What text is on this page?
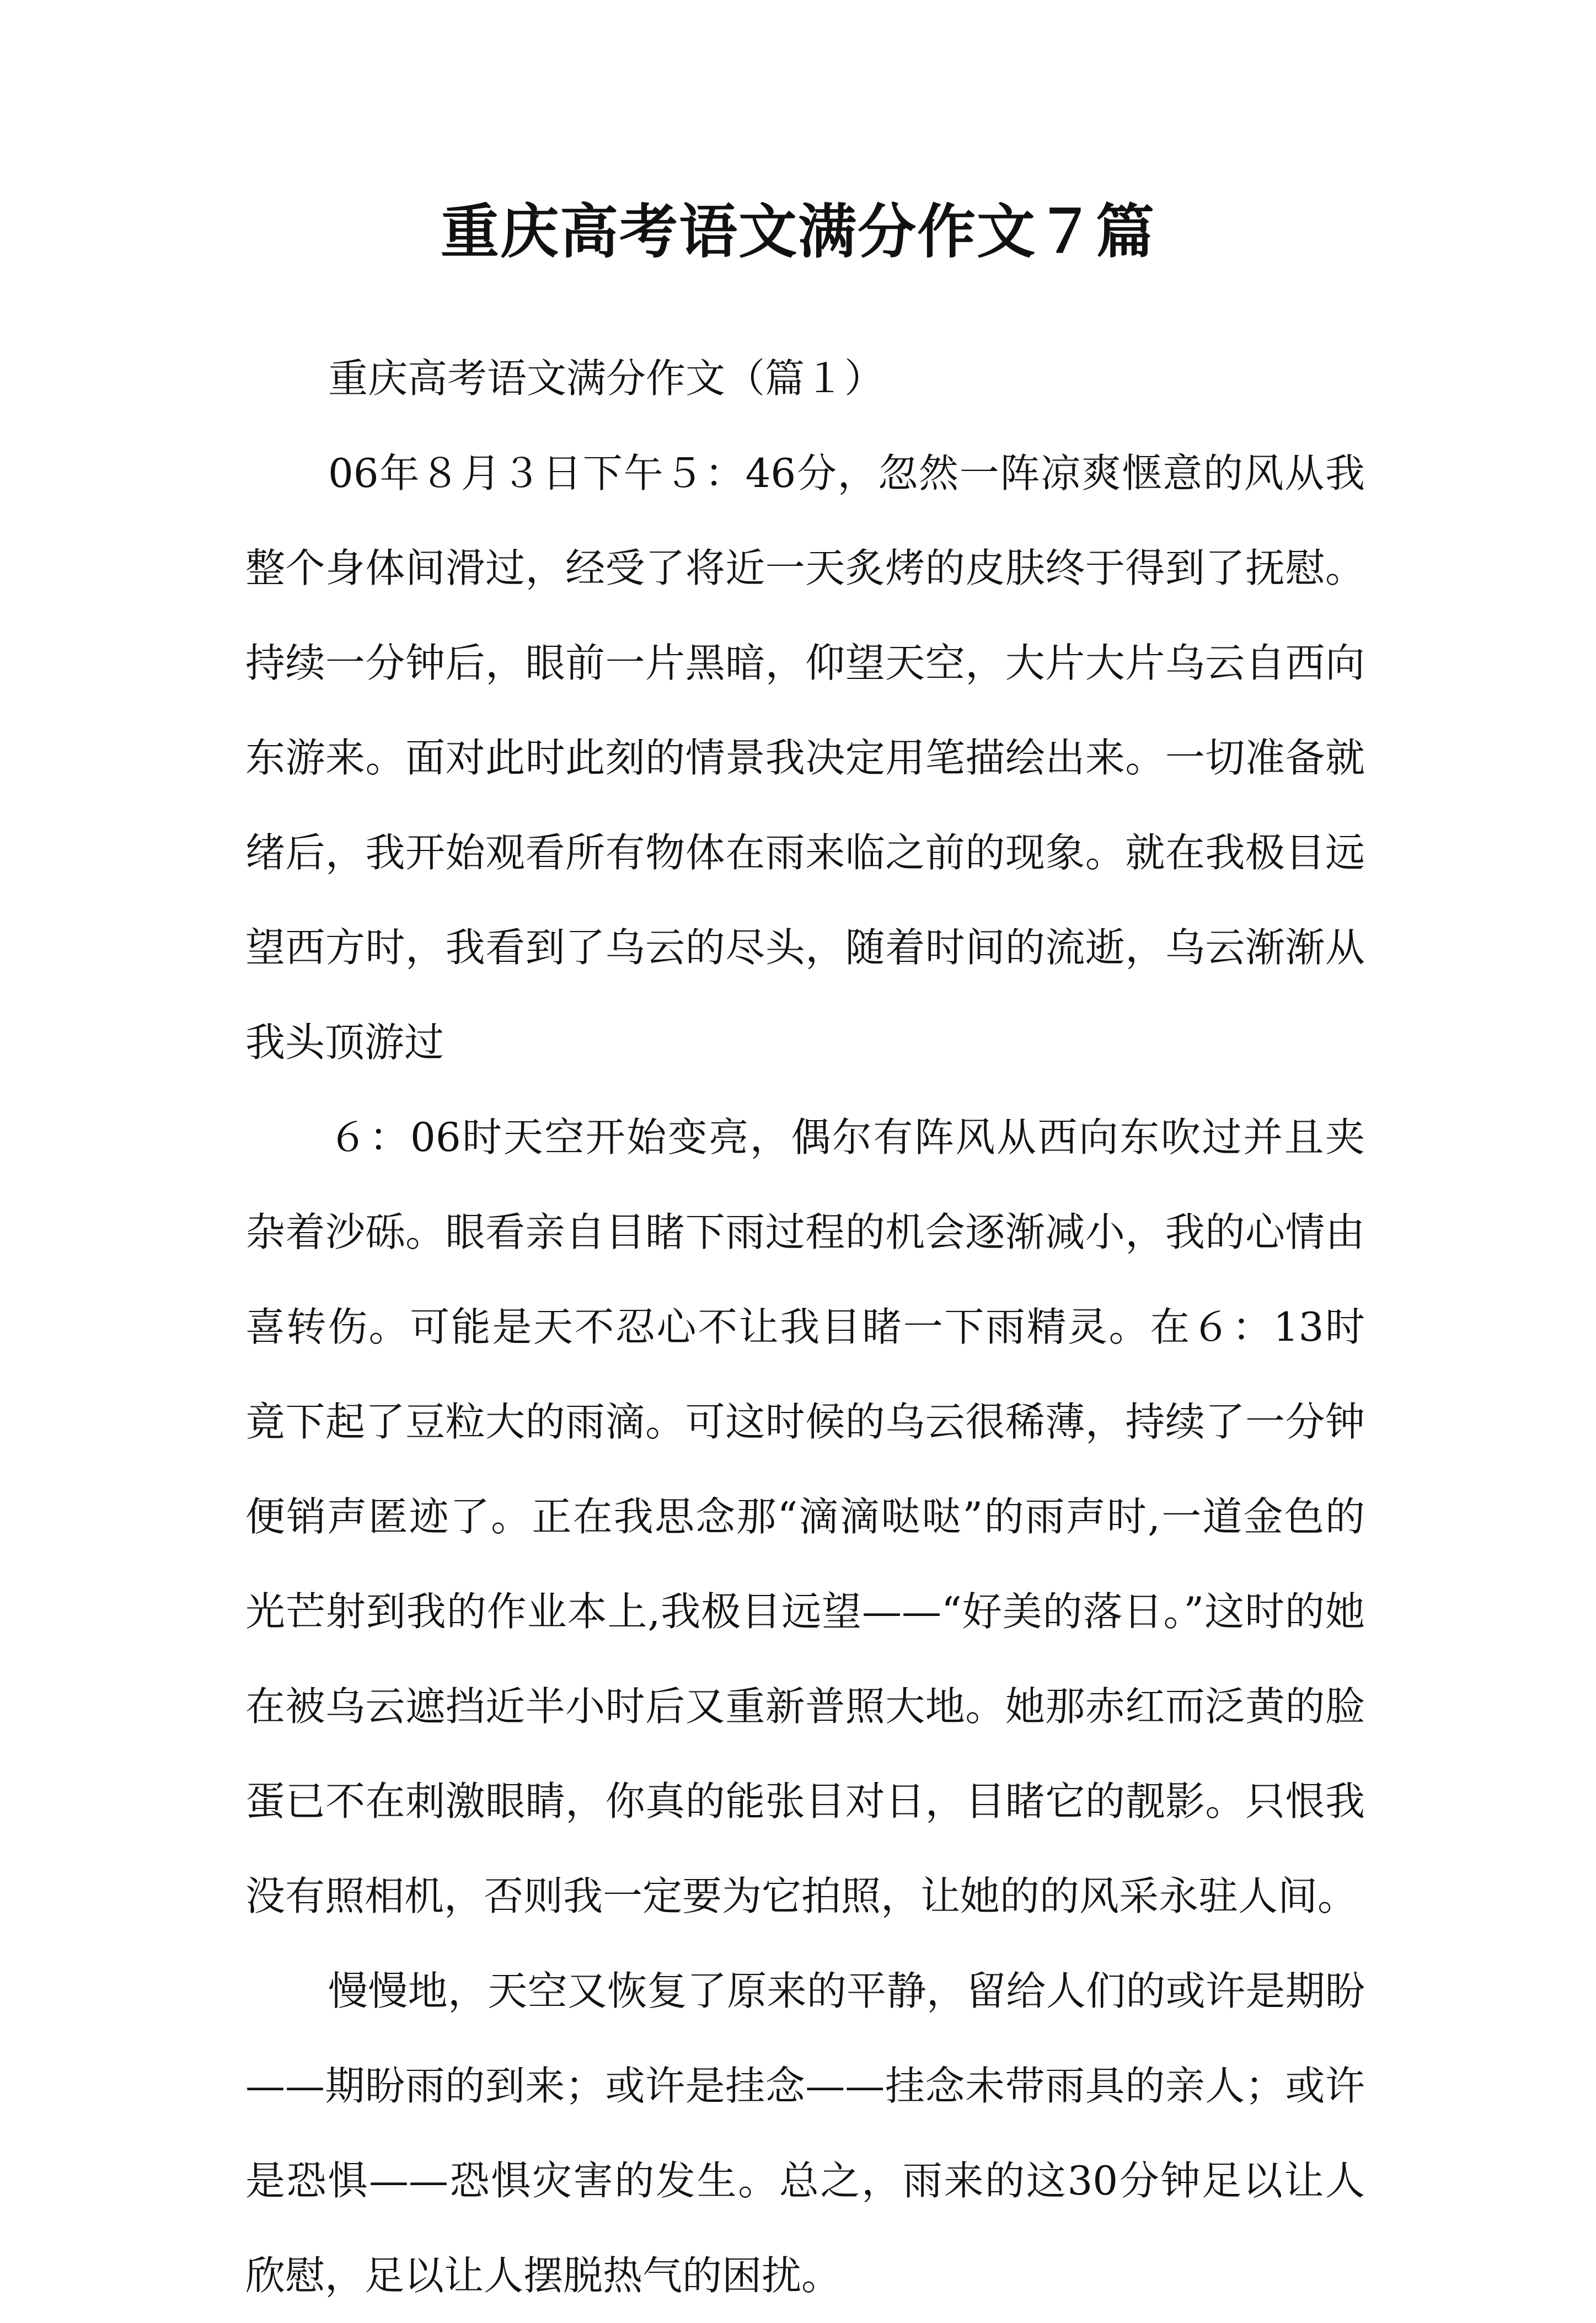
重庆高考语文满分作文７篇
重庆高考语文满分作文（篇１）

06年８月３日下午５：46分，忽然一阵凉爽惬意的风从我整个身体间滑过，经受了将近一天炙烤的皮肤终于得到了抚慰。持续一分钟后，眼前一片黑暗，仰望天空，大片大片乌云自西向东游来。面对此时此刻的情景我决定用笔描绘出来。一切准备就绪后，我开始观看所有物体在雨来临之前的现象。就在我极目远望西方时，我看到了乌云的尽头，随着时间的流逝，乌云渐渐从我头顶游过

６：06时天空开始变亮，偶尔有阵风从西向东吹过并且夹杂着沙砾。眼看亲自目睹下雨过程的机会逐渐减小，我的心情由喜转伤。可能是天不忍心不让我目睹一下雨精灵。在６：13时竟下起了豆粒大的雨滴。可这时候的乌云很稀薄，持续了一分钟便销声匿迹了。正在我思念那“滴滴哒哒”的雨声时,一道金色的光芒射到我的作业本上,我极目远望——“好美的落日。”这时的她在被乌云遮挡近半小时后又重新普照大地。她那赤红而泛黄的脸蛋已不在刺激眼睛，你真的能张目对日，目睹它的靓影。只恨我没有照相机，否则我一定要为它拍照，让她的的风采永驻人间。

慢慢地，天空又恢复了原来的平静，留给人们的或许是期盼——期盼雨的到来；或许是挂念——挂念未带雨具的亲人；或许是恐惧——恐惧灾害的发生。总之，雨来的这30分钟足以让人欣慰，足以让人摆脱热气的困扰。
